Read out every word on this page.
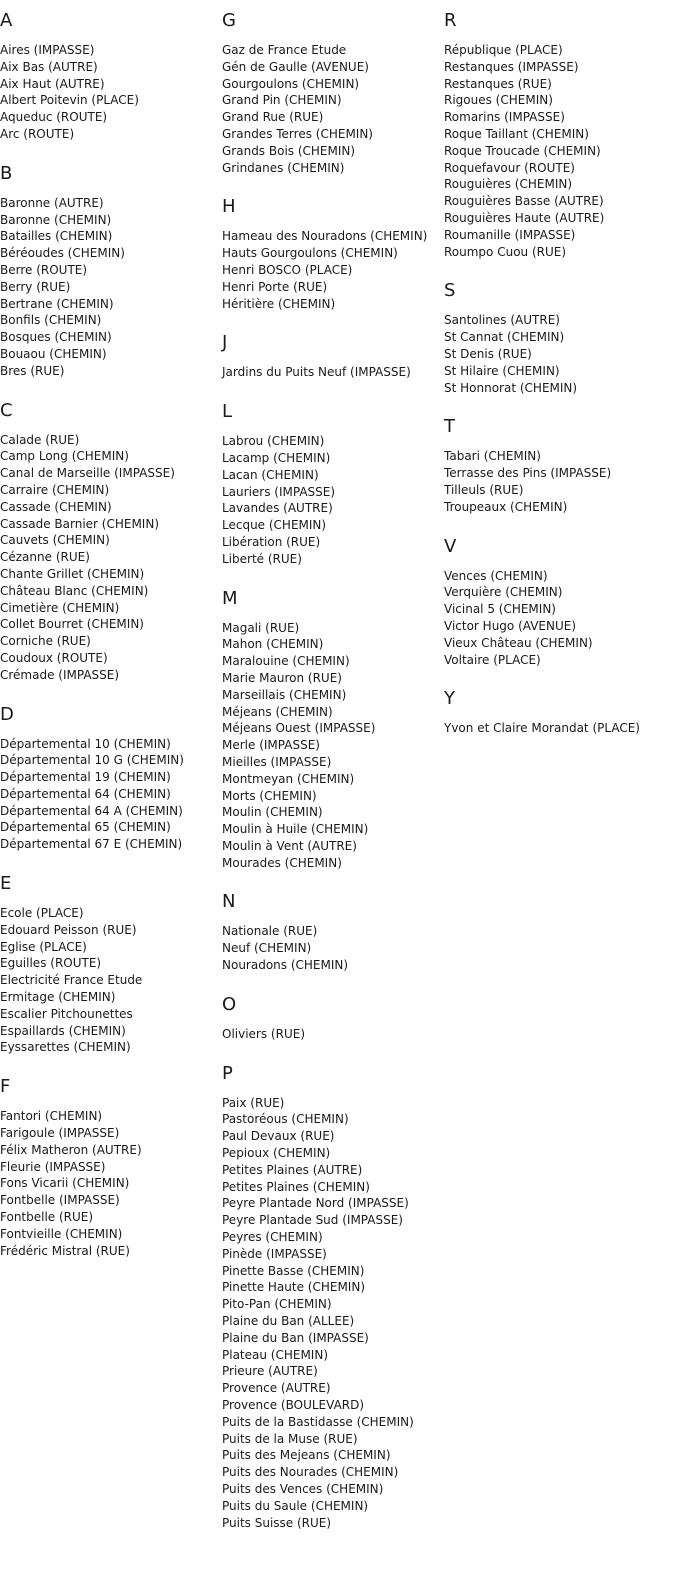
A
Aires (IMPASSE)
Aix Bas (AUTRE)
Aix Haut (AUTRE)
Albert Poitevin (PLACE)
Aqueduc (ROUTE)
Arc (ROUTE)
B
Baronne (AUTRE)
Baronne (CHEMIN)
Batailles (CHEMIN)
Béréoudes (CHEMIN)
Berre (ROUTE)
Berry (RUE)
Bertrane (CHEMIN)
Bonfils (CHEMIN)
Bosques (CHEMIN)
Bouaou (CHEMIN)
Bres (RUE)
C
Calade (RUE)
Camp Long (CHEMIN)
Canal de Marseille (IMPASSE)
Carraire (CHEMIN)
Cassade (CHEMIN)
Cassade Barnier (CHEMIN)
Cauvets (CHEMIN)
Cézanne (RUE)
Chante Grillet (CHEMIN)
Château Blanc (CHEMIN)
Cimetière (CHEMIN)
Collet Bourret (CHEMIN)
Corniche (RUE)
Coudoux (ROUTE)
Crémade (IMPASSE)
D
Départemental 10 (CHEMIN)
Départemental 10 G (CHEMIN)
Départemental 19 (CHEMIN)
Départemental 64 (CHEMIN)
Départemental 64 A (CHEMIN)
Départemental 65 (CHEMIN)
Départemental 67 E (CHEMIN)
E
Ecole (PLACE)
Edouard Peisson (RUE)
Eglise (PLACE)
Eguilles (ROUTE)
Electricité France Etude
Ermitage (CHEMIN)
Escalier Pitchounettes
Espaillards (CHEMIN)
Eyssarettes (CHEMIN)
F
Fantori (CHEMIN)
Farigoule (IMPASSE)
Félix Matheron (AUTRE)
Fleurie (IMPASSE)
Fons Vicarii (CHEMIN)
Fontbelle (IMPASSE)
Fontbelle (RUE)
Fontvieille (CHEMIN)
Frédéric Mistral (RUE)
G
Gaz de France Etude
Gén de Gaulle (AVENUE)
Gourgoulons (CHEMIN)
Grand Pin (CHEMIN)
Grand Rue (RUE)
Grandes Terres (CHEMIN)
Grands Bois (CHEMIN)
Grindanes (CHEMIN)
H
Hameau des Nouradons (CHEMIN)
Hauts Gourgoulons (CHEMIN)
Henri BOSCO (PLACE)
Henri Porte (RUE)
Héritière (CHEMIN)
J
Jardins du Puits Neuf (IMPASSE)
L
Labrou (CHEMIN)
Lacamp (CHEMIN)
Lacan (CHEMIN)
Lauriers (IMPASSE)
Lavandes (AUTRE)
Lecque (CHEMIN)
Libération (RUE)
Liberté (RUE)
M
Magali (RUE)
Mahon (CHEMIN)
Maralouine (CHEMIN)
Marie Mauron (RUE)
Marseillais (CHEMIN)
Méjeans (CHEMIN)
Méjeans Ouest (IMPASSE)
Merle (IMPASSE)
Mieilles (IMPASSE)
Montmeyan (CHEMIN)
Morts (CHEMIN)
Moulin (CHEMIN)
Moulin à Huile (CHEMIN)
Moulin à Vent (AUTRE)
Mourades (CHEMIN)
N
Nationale (RUE)
Neuf (CHEMIN)
Nouradons (CHEMIN)
O
Oliviers (RUE)
P
Paix (RUE)
Pastoréous (CHEMIN)
Paul Devaux (RUE)
Pepioux (CHEMIN)
Petites Plaines (AUTRE)
Petites Plaines (CHEMIN)
Peyre Plantade Nord (IMPASSE)
Peyre Plantade Sud (IMPASSE)
Peyres (CHEMIN)
Pinède (IMPASSE)
Pinette Basse (CHEMIN)
Pinette Haute (CHEMIN)
Pito-Pan (CHEMIN)
Plaine du Ban (ALLEE)
Plaine du Ban (IMPASSE)
Plateau (CHEMIN)
Prieure (AUTRE)
Provence (AUTRE)
Provence (BOULEVARD)
Puits de la Bastidasse (CHEMIN)
Puits de la Muse (RUE)
Puits des Mejeans (CHEMIN)
Puits des Nourades (CHEMIN)
Puits des Vences (CHEMIN)
Puits du Saule (CHEMIN)
Puits Suisse (RUE)
R
République (PLACE)
Restanques (IMPASSE)
Restanques (RUE)
Rigoues (CHEMIN)
Romarins (IMPASSE)
Roque Taillant (CHEMIN)
Roque Troucade (CHEMIN)
Roquefavour (ROUTE)
Rouguières (CHEMIN)
Rouguières Basse (AUTRE)
Rouguières Haute (AUTRE)
Roumanille (IMPASSE)
Roumpo Cuou (RUE)
S
Santolines (AUTRE)
St Cannat (CHEMIN)
St Denis (RUE)
St Hilaire (CHEMIN)
St Honnorat (CHEMIN)
T
Tabari (CHEMIN)
Terrasse des Pins (IMPASSE)
Tilleuls (RUE)
Troupeaux (CHEMIN)
V
Vences (CHEMIN)
Verquière (CHEMIN)
Vicinal 5 (CHEMIN)
Victor Hugo (AVENUE)
Vieux Château (CHEMIN)
Voltaire (PLACE)
Y
Yvon et Claire Morandat (PLACE)
